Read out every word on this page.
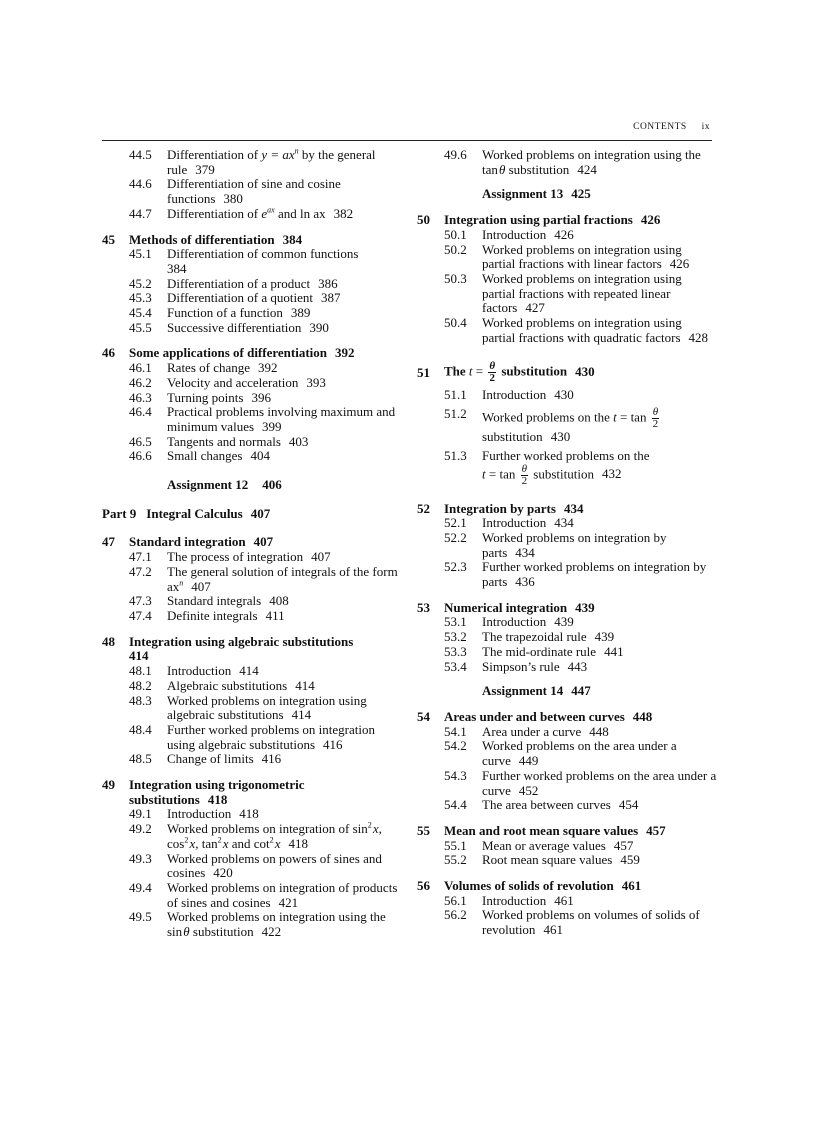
CONTENTS ix
44.5	Differentiation of $y = ax^n$ by the general rule 379
44.6	Differentiation of sine and cosine functions 380
44.7	Differentiation of $e^{ax}$ and ln ax 382
45	Methods of differentiation 384
45.1	Differentiation of common functions
384
45.2	Differentiation of a product 386
45.3	Differentiation of a quotient 387
45.4	Function of a function 389
45.5	Successive differentiation 390
46	Some applications of differentiation 392
46.1	Rates of change 392
46.2	Velocity and acceleration 393
46.3	Turning points 396
46.4	Practical problems involving maximum and minimum values 399
46.5	Tangents and normals 403
46.6	Small changes 404
Assignment 12 406
Part 9 Integral Calculus 407
47	Standard integration 407
47.1	The process of integration 407
47.2	The general solution of integrals of the form $ax^n$ 407
47.3	Standard integrals 408
47.4	Definite integrals 411
48	Integration using algebraic substitutions
414
48.1	Introduction 414
48.2	Algebraic substitutions 414
48.3	Worked problems on integration using algebraic substitutions 414
48.4	Further worked problems on integration using algebraic substitutions 416
48.5	Change of limits 416
49	Integration using trigonometric substitutions 418
49.1	Introduction 418
49.2	Worked problems on integration of $\sin^2$ x, $\cos^2$ x, $\tan^2$ x and $\cot^2$ x 418
49.3	Worked problems on powers of sines and cosines 420
49.4	Worked problems on integration of products of sines and cosines 421
49.5	Worked problems on integration using the sin θ substitution 422
49.6	Worked problems on integration using the tan θ substitution 424
Assignment 13 425
50	Integration using partial fractions 426
50.1	Introduction 426
50.2	Worked problems on integration using partial fractions with linear factors 426
50.3	Worked problems on integration using partial fractions with repeated linear factors 427
50.4	Worked problems on integration using partial fractions with quadratic factors 428
51	The $t = \frac{\theta}{2}$ substitution 430
51.1	Introduction 430
51.2	Worked problems on the $t = \tan \frac{\theta}{2}$
substitution 430
51.3	Further worked problems on the
$t = \tan \frac{\theta}{2}$ substitution 432
52	Integration by parts 434
52.1	Introduction 434
52.2	Worked problems on integration by parts 434
52.3	Further worked problems on integration by parts 436
53	Numerical integration 439
53.1	Introduction 439
53.2	The trapezoidal rule 439
53.3	The mid-ordinate rule 441
53.4	Simpson’s rule 443
Assignment 14 447
54	Areas under and between curves 448
54.1	Area under a curve 448
54.2	Worked problems on the area under a curve 449
54.3	Further worked problems on the area under a curve 452
54.4	The area between curves 454
55	Mean and root mean square values 457
55.1	Mean or average values 457
55.2	Root mean square values 459
56	Volumes of solids of revolution 461
56.1	Introduction 461
56.2	Worked problems on volumes of solids of revolution 461
